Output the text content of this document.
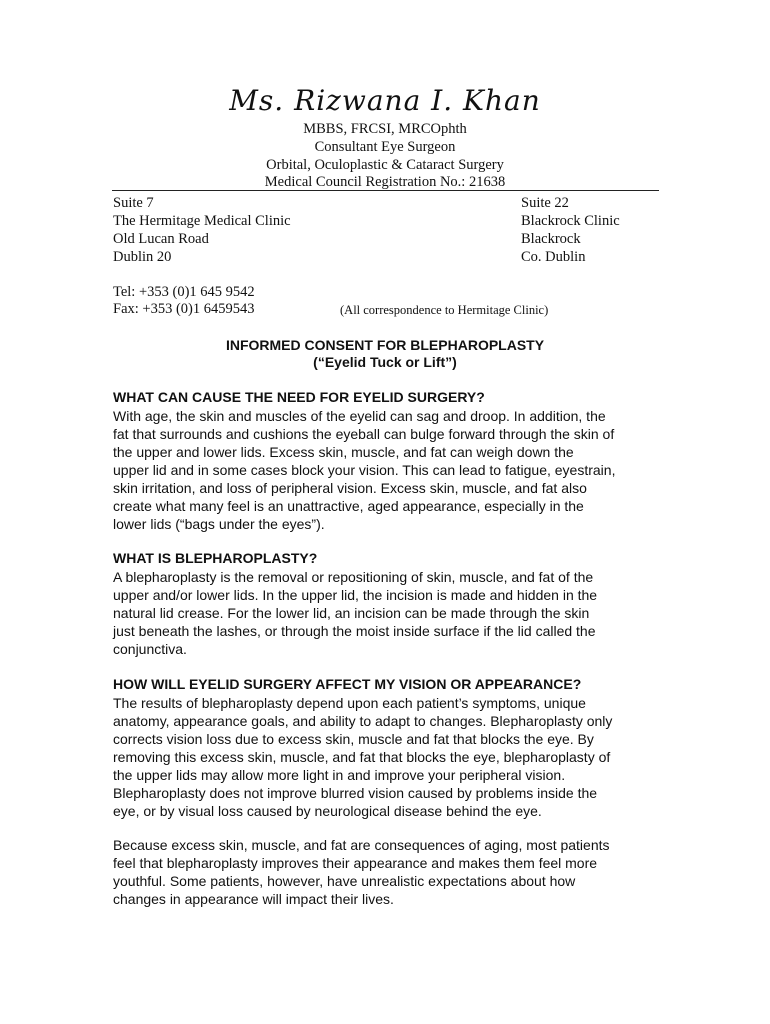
Ms. Rizwana I. Khan
MBBS, FRCSI, MRCOphth
Consultant Eye Surgeon
Orbital, Oculoplastic & Cataract Surgery
Medical Council Registration No.: 21638
Suite 7
The Hermitage Medical Clinic
Old Lucan Road
Dublin 20
Suite 22
Blackrock Clinic
Blackrock
Co. Dublin
Tel: +353 (0)1 645 9542
Fax: +353 (0)1 6459543	(All correspondence to Hermitage Clinic)
INFORMED CONSENT FOR BLEPHAROPLASTY
(“Eyelid Tuck or Lift”)
WHAT CAN CAUSE THE NEED FOR EYELID SURGERY?
With age, the skin and muscles of the eyelid can sag and droop. In addition, the
fat that surrounds and cushions the eyeball can bulge forward through the skin of
the upper and lower lids. Excess skin, muscle, and fat can weigh down the
upper lid and in some cases block your vision. This can lead to fatigue, eyestrain,
skin irritation, and loss of peripheral vision. Excess skin, muscle, and fat also
create what many feel is an unattractive, aged appearance, especially in the
lower lids (“bags under the eyes”).
WHAT IS BLEPHAROPLASTY?
A blepharoplasty is the removal or repositioning of skin, muscle, and fat of the
upper and/or lower lids. In the upper lid, the incision is made and hidden in the
natural lid crease. For the lower lid, an incision can be made through the skin
just beneath the lashes, or through the moist inside surface if the lid called the
conjunctiva.
HOW WILL EYELID SURGERY AFFECT MY VISION OR APPEARANCE?
The results of blepharoplasty depend upon each patient’s symptoms, unique
anatomy, appearance goals, and ability to adapt to changes. Blepharoplasty only
corrects vision loss due to excess skin, muscle and fat that blocks the eye. By
removing this excess skin, muscle, and fat that blocks the eye, blepharoplasty of
the upper lids may allow more light in and improve your peripheral vision.
Blepharoplasty does not improve blurred vision caused by problems inside the
eye, or by visual loss caused by neurological disease behind the eye.
Because excess skin, muscle, and fat are consequences of aging, most patients
feel that blepharoplasty improves their appearance and makes them feel more
youthful. Some patients, however, have unrealistic expectations about how
changes in appearance will impact their lives.
